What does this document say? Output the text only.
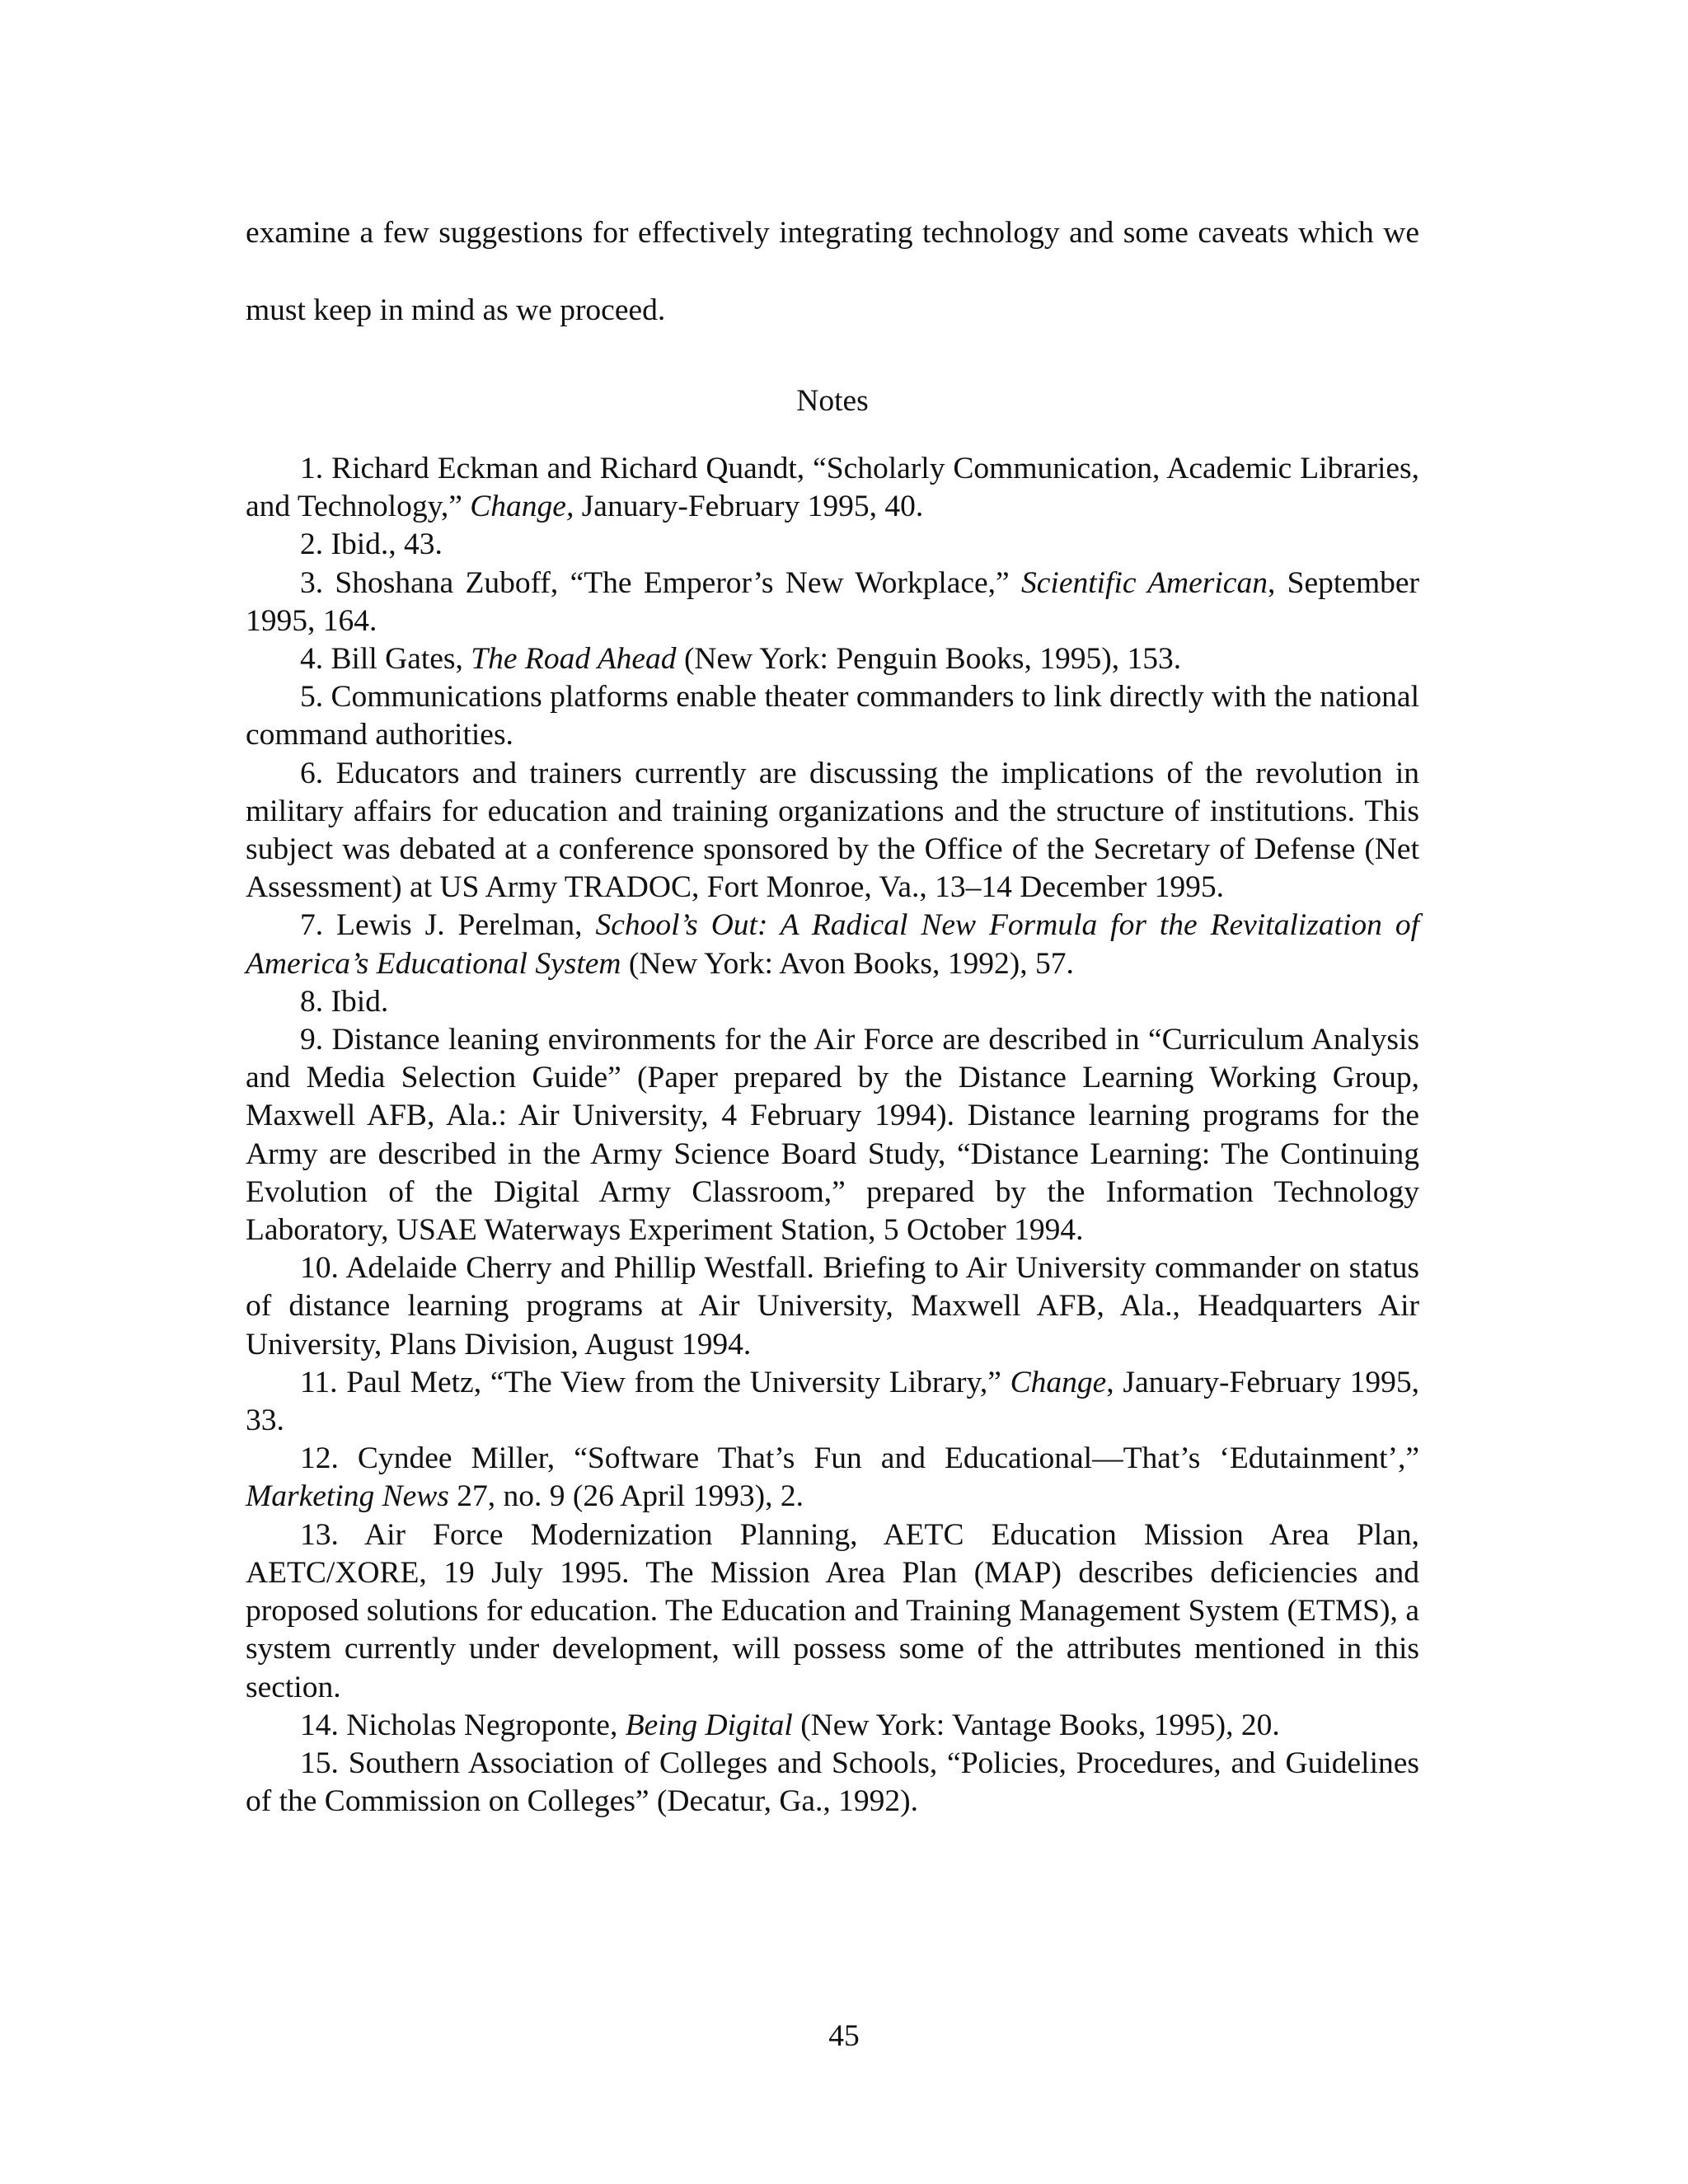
examine a few suggestions for effectively integrating technology and some caveats which we must keep in mind as we proceed.

Notes
1. Richard Eckman and Richard Quandt, “Scholarly Communication, Academic Libraries, and Technology,” Change, January-February 1995, 40.
2. Ibid., 43.
3. Shoshana Zuboff, “The Emperor’s New Workplace,” Scientific American, September 1995, 164.
4. Bill Gates, The Road Ahead (New York: Penguin Books, 1995), 153.
5. Communications platforms enable theater commanders to link directly with the national command authorities.
6. Educators and trainers currently are discussing the implications of the revolution in military affairs for education and training organizations and the structure of institutions. This subject was debated at a conference sponsored by the Office of the Secretary of Defense (Net Assessment) at US Army TRADOC, Fort Monroe, Va., 13–14 December 1995.
7. Lewis J. Perelman, School’s Out: A Radical New Formula for the Revitalization of America’s Educational System (New York: Avon Books, 1992), 57.
8. Ibid.
9. Distance leaning environments for the Air Force are described in “Curriculum Analysis and Media Selection Guide” (Paper prepared by the Distance Learning Working Group, Maxwell AFB, Ala.: Air University, 4 February 1994). Distance learning programs for the Army are described in the Army Science Board Study, “Distance Learning: The Continuing Evolution of the Digital Army Classroom,” prepared by the Information Technology Laboratory, USAE Waterways Experiment Station, 5 October 1994.
10. Adelaide Cherry and Phillip Westfall. Briefing to Air University commander on status of distance learning programs at Air University, Maxwell AFB, Ala., Headquarters Air University, Plans Division, August 1994.
11. Paul Metz, “The View from the University Library,” Change, January-February 1995, 33.
12. Cyndee Miller, “Software That’s Fun and Educational—That’s ‘Edutainment’,” Marketing News 27, no. 9 (26 April 1993), 2.
13. Air Force Modernization Planning, AETC Education Mission Area Plan, AETC/XORE, 19 July 1995. The Mission Area Plan (MAP) describes deficiencies and proposed solutions for education. The Education and Training Management System (ETMS), a system currently under development, will possess some of the attributes mentioned in this section.
14. Nicholas Negroponte, Being Digital (New York: Vantage Books, 1995), 20.
15. Southern Association of Colleges and Schools, “Policies, Procedures, and Guidelines of the Commission on Colleges” (Decatur, Ga., 1992).
45
